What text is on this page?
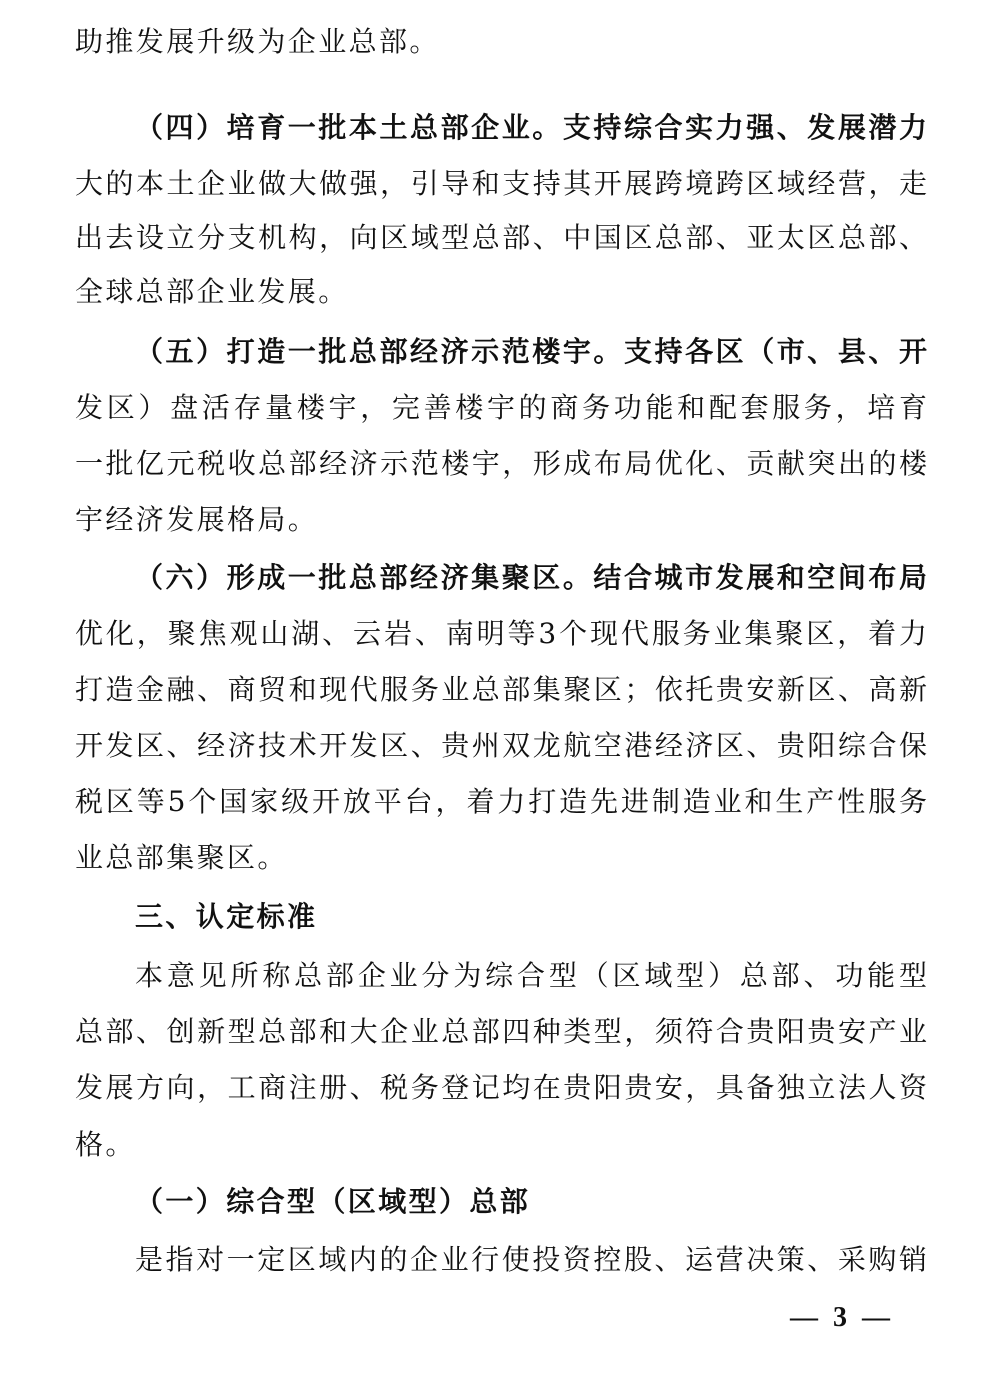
助推发展升级为企业总部。
（四）培育一批本土总部企业。支持综合实力强、发展潜力
大的本土企业做大做强，引导和支持其开展跨境跨区域经营，走
出去设立分支机构，向区域型总部、中国区总部、亚太区总部、
全球总部企业发展。
（五）打造一批总部经济示范楼宇。支持各区（市、县、开
发区）盘活存量楼宇，完善楼宇的商务功能和配套服务，培育
一批亿元税收总部经济示范楼宇，形成布局优化、贡献突出的楼
宇经济发展格局。
（六）形成一批总部经济集聚区。结合城市发展和空间布局
优化，聚焦观山湖、云岩、南明等3个现代服务业集聚区，着力
打造金融、商贸和现代服务业总部集聚区；依托贵安新区、高新
开发区、经济技术开发区、贵州双龙航空港经济区、贵阳综合保
税区等5个国家级开放平台，着力打造先进制造业和生产性服务
业总部集聚区。
三、认定标准
本意见所称总部企业分为综合型（区域型）总部、功能型
总部、创新型总部和大企业总部四种类型，须符合贵阳贵安产业
发展方向，工商注册、税务登记均在贵阳贵安，具备独立法人资
格。
（一）综合型（区域型）总部
是指对一定区域内的企业行使投资控股、运营决策、采购销
— 3 —
